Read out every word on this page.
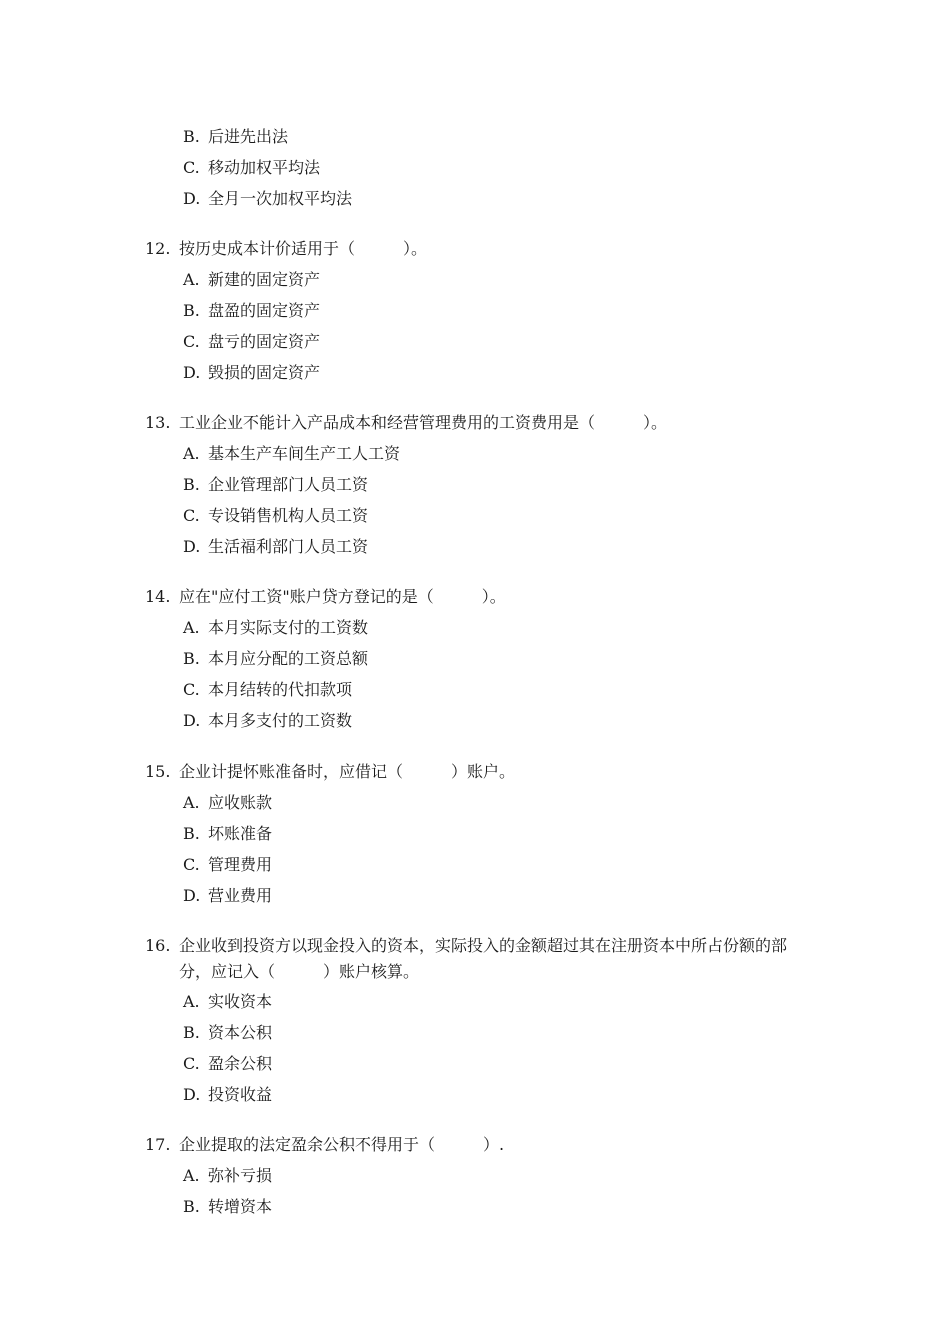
B. 后进先出法
C. 移动加权平均法
D. 全月一次加权平均法
12. 按历史成本计价适用于（　　　）。
A. 新建的固定资产
B. 盘盈的固定资产
C. 盘亏的固定资产
D. 毁损的固定资产
13. 工业企业不能计入产品成本和经营管理费用的工资费用是（　　　）。
A. 基本生产车间生产工人工资
B. 企业管理部门人员工资
C. 专设销售机构人员工资
D. 生活福利部门人员工资
14. 应在"应付工资"账户贷方登记的是（　　　）。
A. 本月实际支付的工资数
B. 本月应分配的工资总额
C. 本月结转的代扣款项
D. 本月多支付的工资数
15. 企业计提怀账准备时，应借记（　　　）账户。
A. 应收账款
B. 坏账准备
C. 管理费用
D. 营业费用
16. 企业收到投资方以现金投入的资本，实际投入的金额超过其在注册资本中所占份额的部分，应记入（　　　）账户核算。
A. 实收资本
B. 资本公积
C. 盈余公积
D. 投资收益
17. 企业提取的法定盈余公积不得用于（　　　）.
A. 弥补亏损
B. 转增资本
